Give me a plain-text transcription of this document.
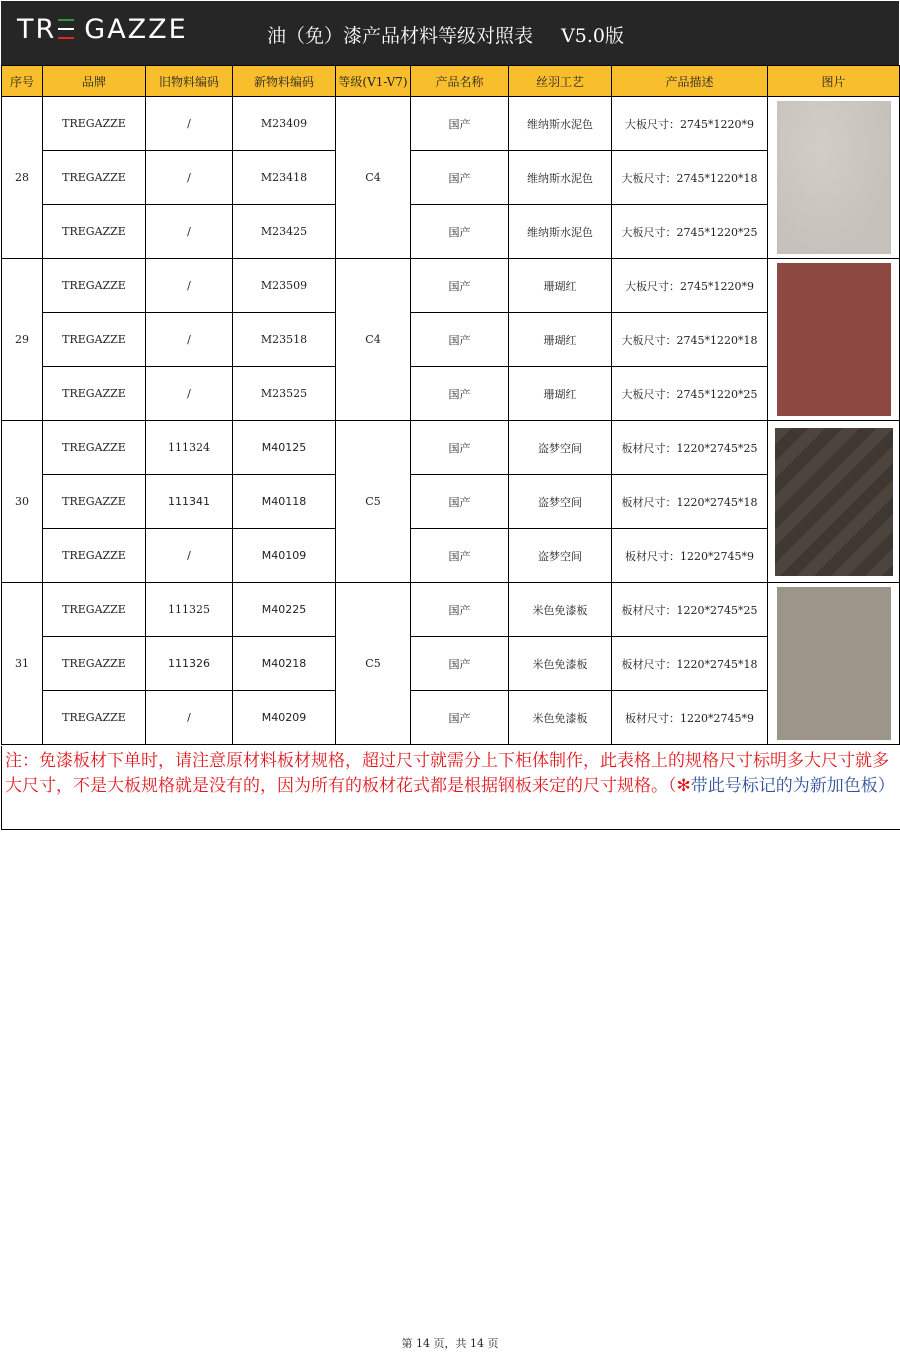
TR GAZZE	油（免）漆产品材料等级对照表 V5.0版
序号	品牌	旧物料编码	新物料编码	等级(V1-V7)	产品名称	丝羽工艺	产品描述	图片
28	TREGAZZE	/	M23409	C4	国产	维纳斯水泥色	大板尺寸：2745*1220*9	

	TREGAZZE	/	M23418		国产	维纳斯水泥色	大板尺寸：2745*1220*18	
	TREGAZZE	/	M23425		国产	维纳斯水泥色	大板尺寸：2745*1220*25	
29	TREGAZZE	/	M23509	C4	国产	珊瑚红	大板尺寸：2745*1220*9	

	TREGAZZE	/	M23518		国产	珊瑚红	大板尺寸：2745*1220*18	
	TREGAZZE	/	M23525		国产	珊瑚红	大板尺寸：2745*1220*25	
30	TREGAZZE	111324	M40125	C5	国产	盗梦空间	板材尺寸：1220*2745*25	

	TREGAZZE	111341	M40118		国产	盗梦空间	板材尺寸：1220*2745*18	
	TREGAZZE	/	M40109		国产	盗梦空间	板材尺寸：1220*2745*9	
31	TREGAZZE	111325	M40225	C5	国产	米色免漆板	板材尺寸：1220*2745*25	

	TREGAZZE	111326	M40218		国产	米色免漆板	板材尺寸：1220*2745*18	
	TREGAZZE	/	M40209		国产	米色免漆板	板材尺寸：1220*2745*9	
注：免漆板材下单时，请注意原材料板材规格，超过尺寸就需分上下柜体制作，此表格上的规格尺寸标明多大尺寸就多大尺寸，不是大板规格就是没有的，因为所有的板材花式都是根据钢板来定的尺寸规格。（✻带此号标记的为新加色板）
第 14 页，共 14 页
